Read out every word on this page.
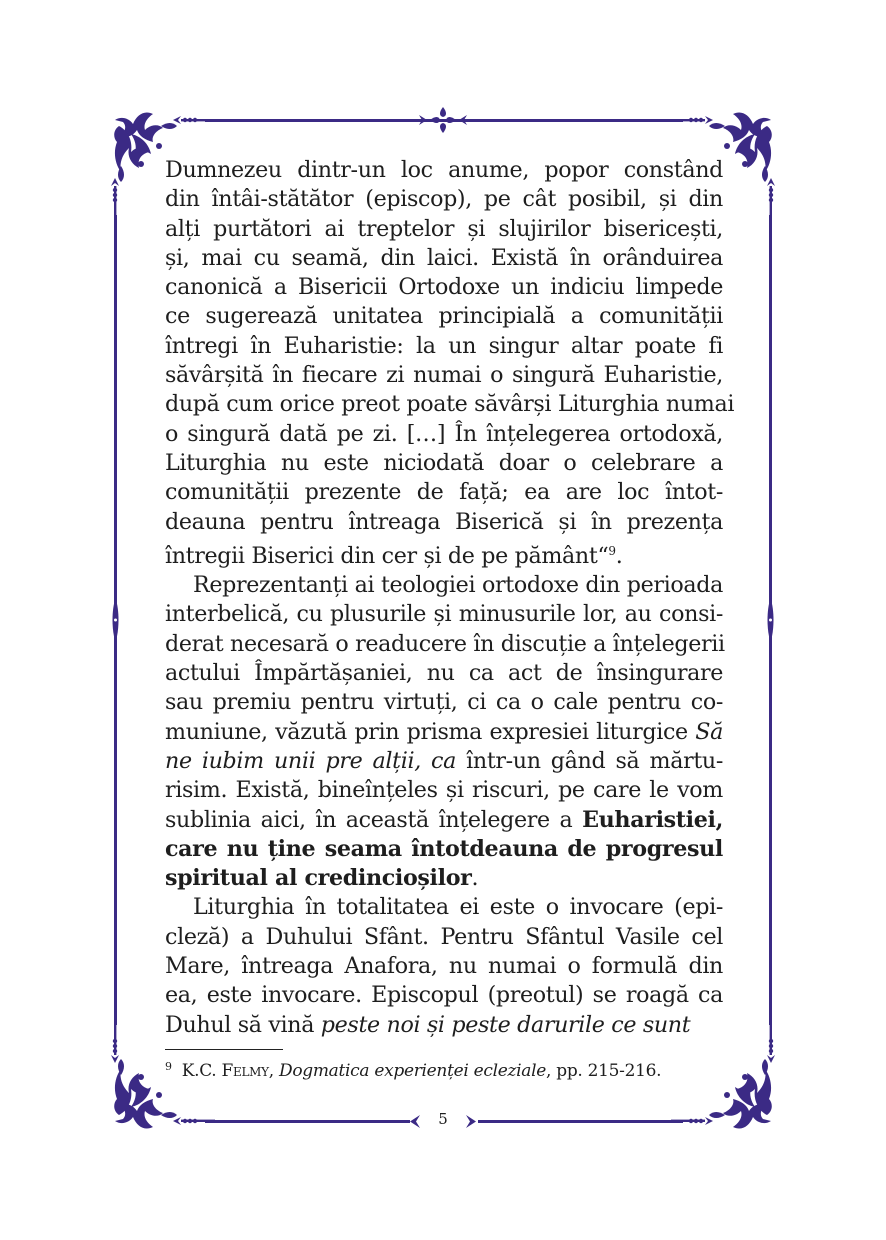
Dumnezeu dintr-un loc anume, popor constând
din întâi-stătător (episcop), pe cât posibil, și din
alți purtători ai treptelor și slujirilor bisericești,
și, mai cu seamă, din laici. Există în orânduirea
canonică a Bisericii Ortodoxe un indiciu limpede
ce sugerează unitatea principială a comunității
întregi în Euharistie: la un singur altar poate fi
săvârșită în fiecare zi numai o singură Euharistie,
după cum orice preot poate săvârși Liturghia numai
o singură dată pe zi. […] În înțelegerea ortodoxă,
Liturghia nu este niciodată doar o celebrare a
comunității prezente de față; ea are loc întot-
deauna pentru întreaga Biserică și în prezența
întregii Biserici din cer și de pe pământ“$^9$.

Reprezentanți ai teologiei ortodoxe din perioada
interbelică, cu plusurile și minusurile lor, au consi-
derat necesară o readucere în discuție a înțelegerii
actului Împărtășaniei, nu ca act de însingurare
sau premiu pentru virtuți, ci ca o cale pentru co-
muniune, văzută prin prisma expresiei liturgice Să
ne iubim unii pre alții, ca într-un gând să mărtu-
risim. Există, bineînțeles și riscuri, pe care le vom
sublinia aici, în această înțelegere a Euharistiei,
care nu ține seama întotdeauna de progresul
spiritual al credincioșilor.

Liturghia în totalitatea ei este o invocare (epi-
cleză) a Duhului Sfânt. Pentru Sfântul Vasile cel
Mare, întreaga Anafora, nu numai o formulă din
ea, este invocare. Episcopul (preotul) se roagă ca
Duhul să vină peste noi și peste darurile ce sunt

$^9$ K.C. Felmy, Dogmatica experienței ecleziale, pp. 215-216.
5
